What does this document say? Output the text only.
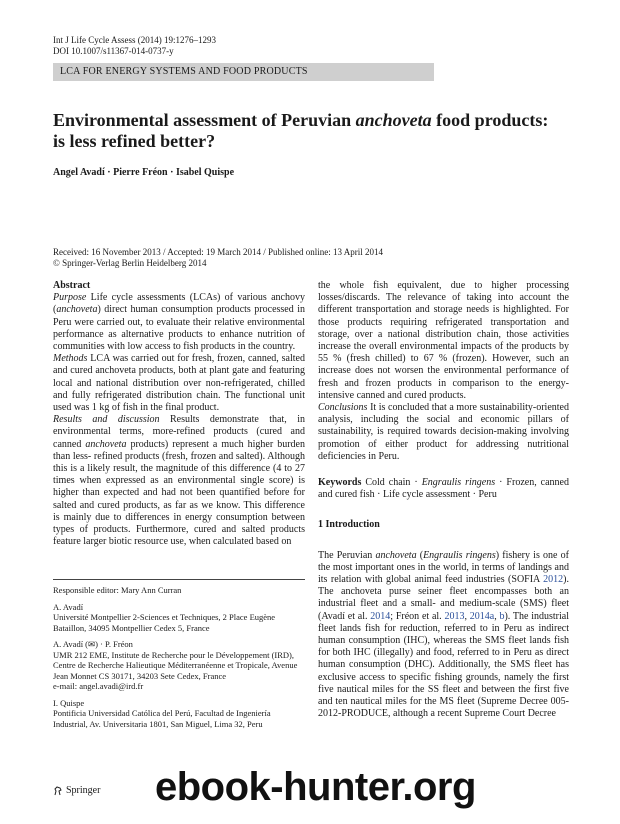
Int J Life Cycle Assess (2014) 19:1276–1293
DOI 10.1007/s11367-014-0737-y
LCA FOR ENERGY SYSTEMS AND FOOD PRODUCTS
Environmental assessment of Peruvian anchoveta food products:
is less refined better?
Angel Avadí · Pierre Fréon · Isabel Quispe
Received: 16 November 2013 / Accepted: 19 March 2014 / Published online: 13 April 2014
© Springer-Verlag Berlin Heidelberg 2014
Abstract

Purpose Life cycle assessments (LCAs) of various anchovy (anchoveta) direct human consumption products processed in Peru were carried out, to evaluate their relative environmental performance as alternative products to enhance nutrition of communities with low access to fish products in the country.

Methods LCA was carried out for fresh, frozen, canned, salted and cured anchoveta products, both at plant gate and featuring local and national distribution over non-refrigerated, chilled and fully refrigerated distribution chain. The functional unit used was 1 kg of fish in the final product.

Results and discussion Results demonstrate that, in environmental terms, more-refined products (cured and canned anchoveta products) represent a much higher burden than less- refined products (fresh, frozen and salted). Although this is a likely result, the magnitude of this difference (4 to 27 times when expressed as an environmental single score) is higher than expected and had not been quantified before for salted and cured products, as far as we know. This difference is mainly due to differences in energy consumption between types of products. Furthermore, cured and salted products feature larger biotic resource use, when calculated based on

Responsible editor: Mary Ann Curran
A. Avadí
Université Montpellier 2-Sciences et Techniques, 2 Place Eugène Bataillon, 34095 Montpellier Cedex 5, France
A. Avadí (✉) · P. Fréon
UMR 212 EME, Institute de Recherche pour le Développement (IRD), Centre de Recherche Halieutique Méditerranéenne et Tropicale, Avenue Jean Monnet CS 30171, 34203 Sete Cedex, France
e-mail: angel.avadi@ird.fr
I. Quispe
Pontificia Universidad Católica del Perú, Facultad de Ingeniería Industrial, Av. Universitaria 1801, San Miguel, Lima 32, Peru

the whole fish equivalent, due to higher processing losses/discards. The relevance of taking into account the different transportation and storage needs is highlighted. For those products requiring refrigerated transportation and storage, over a national distribution chain, those activities increase the overall environmental impacts of the products by 55 % (fresh chilled) to 67 % (frozen). However, such an increase does not worsen the environmental performance of fresh and frozen products in comparison to the energy-intensive canned and cured products.

Conclusions It is concluded that a more sustainability-oriented analysis, including the social and economic pillars of sustainability, is required towards decision-making involving promotion of either product for addressing nutritional deficiencies in Peru.

Keywords Cold chain · Engraulis ringens · Frozen, canned and cured fish · Life cycle assessment · Peru

1 Introduction

The Peruvian anchoveta (Engraulis ringens) fishery is one of the most important ones in the world, in terms of landings and its relation with global animal feed industries (SOFIA 2012). The anchoveta purse seiner fleet encompasses both an industrial fleet and a small- and medium-scale (SMS) fleet (Avadí et al. 2014; Fréon et al. 2013, 2014a, b). The industrial fleet lands fish for reduction, referred to in Peru as indirect human consumption (IHC), whereas the SMS fleet lands fish for both IHC (illegally) and food, referred to in Peru as direct human consumption (DHC). Additionally, the SMS fleet has exclusive access to specific fishing grounds, namely the first five nautical miles for the SS fleet and between the first five and ten nautical miles for the MS fleet (Supreme Decree 005-2012-PRODUCE, although a recent Supreme Court Decree

Springer ebook-hunter.org
